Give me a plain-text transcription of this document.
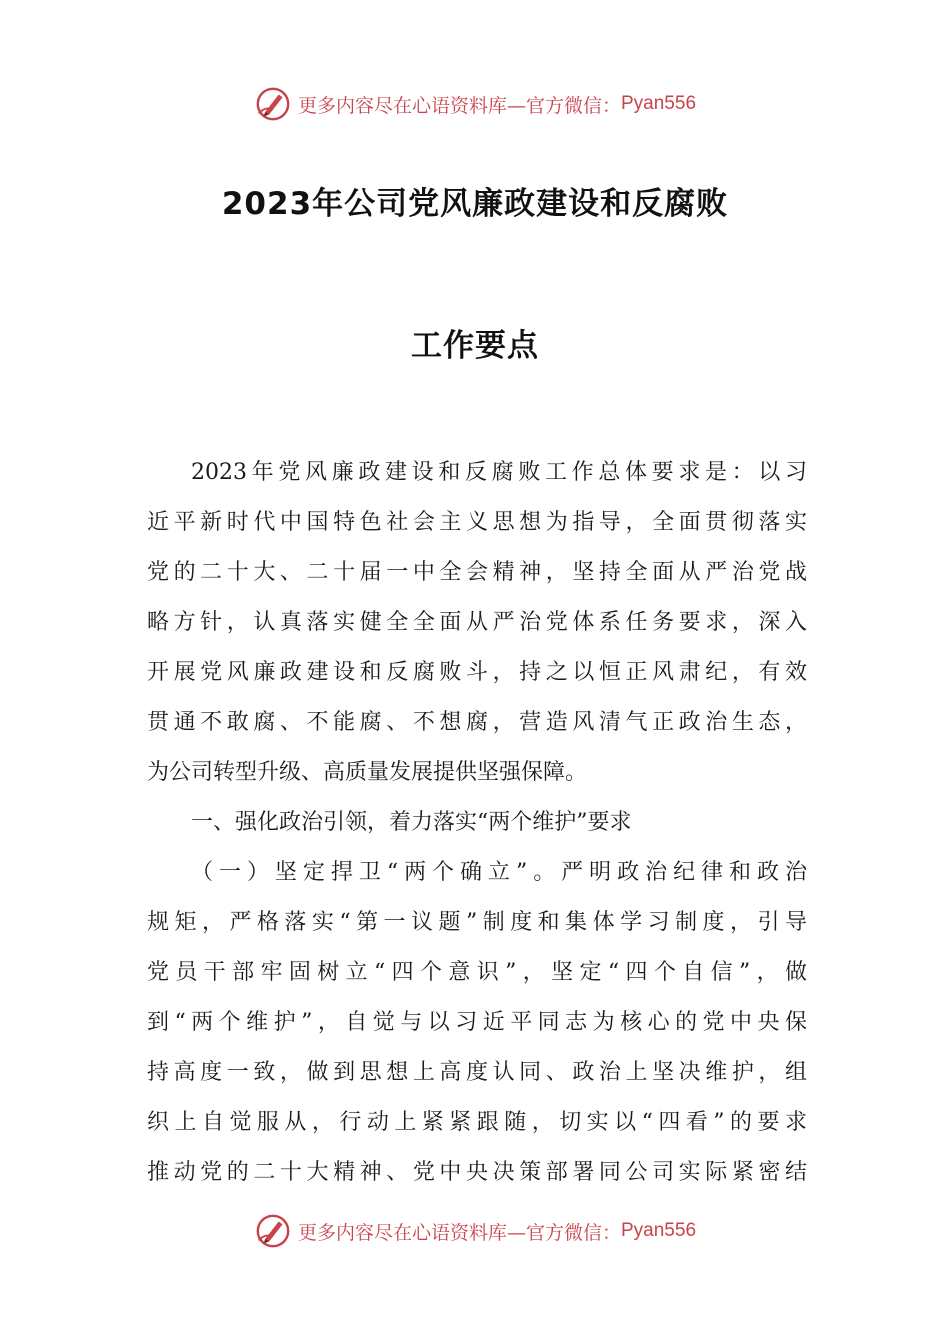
更多内容尽在心语资料库—官方微信： Pyan556
2023年公司党风廉政建设和反腐败
工作要点
2023年党风廉政建设和反腐败工作总体要求是：以习
近平新时代中国特色社会主义思想为指导，全面贯彻落实
党的二十大、二十届一中全会精神，坚持全面从严治党战
略方针，认真落实健全全面从严治党体系任务要求，深入
开展党风廉政建设和反腐败斗，持之以恒正风肃纪，有效
贯通不敢腐、不能腐、不想腐，营造风清气正政治生态，
为公司转型升级、高质量发展提供坚强保障。
一、强化政治引领，着力落实“两个维护”要求
（一）坚定捍卫“两个确立”。严明政治纪律和政治
规矩，严格落实“第一议题”制度和集体学习制度，引导
党员干部牢固树立“四个意识”，坚定“四个自信”，做
到“两个维护”，自觉与以习近平同志为核心的党中央保
持高度一致，做到思想上高度认同、政治上坚决维护，组
织上自觉服从，行动上紧紧跟随，切实以“四看”的要求
推动党的二十大精神、党中央决策部署同公司实际紧密结
更多内容尽在心语资料库—官方微信： Pyan556
